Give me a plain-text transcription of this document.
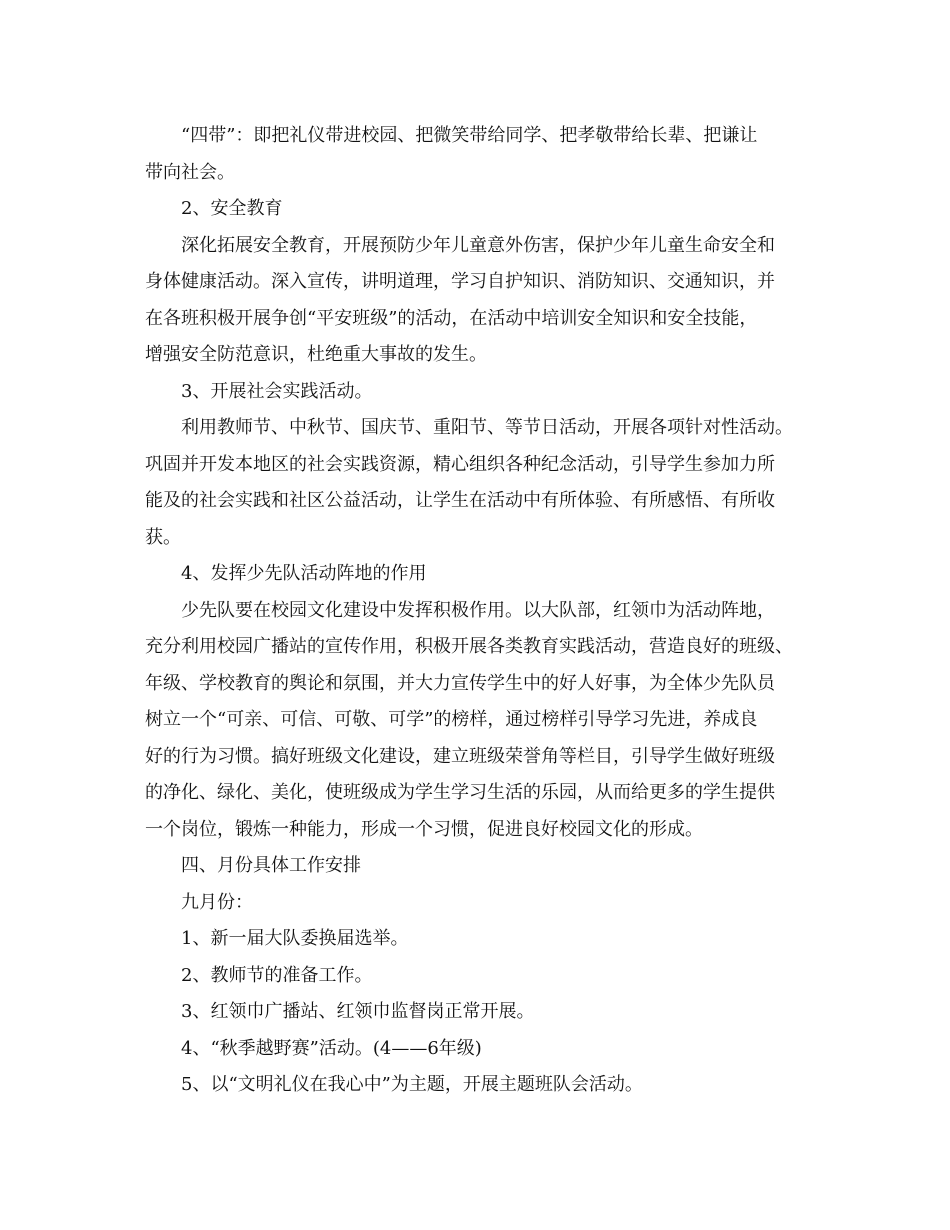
“四带”：即把礼仪带进校园、把微笑带给同学、把孝敬带给长辈、把谦让

带向社会。

2、安全教育

深化拓展安全教育，开展预防少年儿童意外伤害，保护少年儿童生命安全和

身体健康活动。深入宣传，讲明道理，学习自护知识、消防知识、交通知识，并

在各班积极开展争创“平安班级”的活动，在活动中培训安全知识和安全技能，

增强安全防范意识，杜绝重大事故的发生。

3、开展社会实践活动。

利用教师节、中秋节、国庆节、重阳节、等节日活动，开展各项针对性活动。

巩固并开发本地区的社会实践资源，精心组织各种纪念活动，引导学生参加力所

能及的社会实践和社区公益活动，让学生在活动中有所体验、有所感悟、有所收

获。

4、发挥少先队活动阵地的作用

少先队要在校园文化建设中发挥积极作用。以大队部，红领巾为活动阵地，

充分利用校园广播站的宣传作用，积极开展各类教育实践活动，营造良好的班级、

年级、学校教育的舆论和氛围，并大力宣传学生中的好人好事，为全体少先队员

树立一个“可亲、可信、可敬、可学”的榜样，通过榜样引导学习先进，养成良

好的行为习惯。搞好班级文化建设，建立班级荣誉角等栏目，引导学生做好班级

的净化、绿化、美化，使班级成为学生学习生活的乐园，从而给更多的学生提供

一个岗位，锻炼一种能力，形成一个习惯，促进良好校园文化的形成。

四、月份具体工作安排

九月份：

1、新一届大队委换届选举。

2、教师节的准备工作。

3、红领巾广播站、红领巾监督岗正常开展。

4、“秋季越野赛”活动。(4——6年级)

5、以“文明礼仪在我心中”为主题，开展主题班队会活动。
